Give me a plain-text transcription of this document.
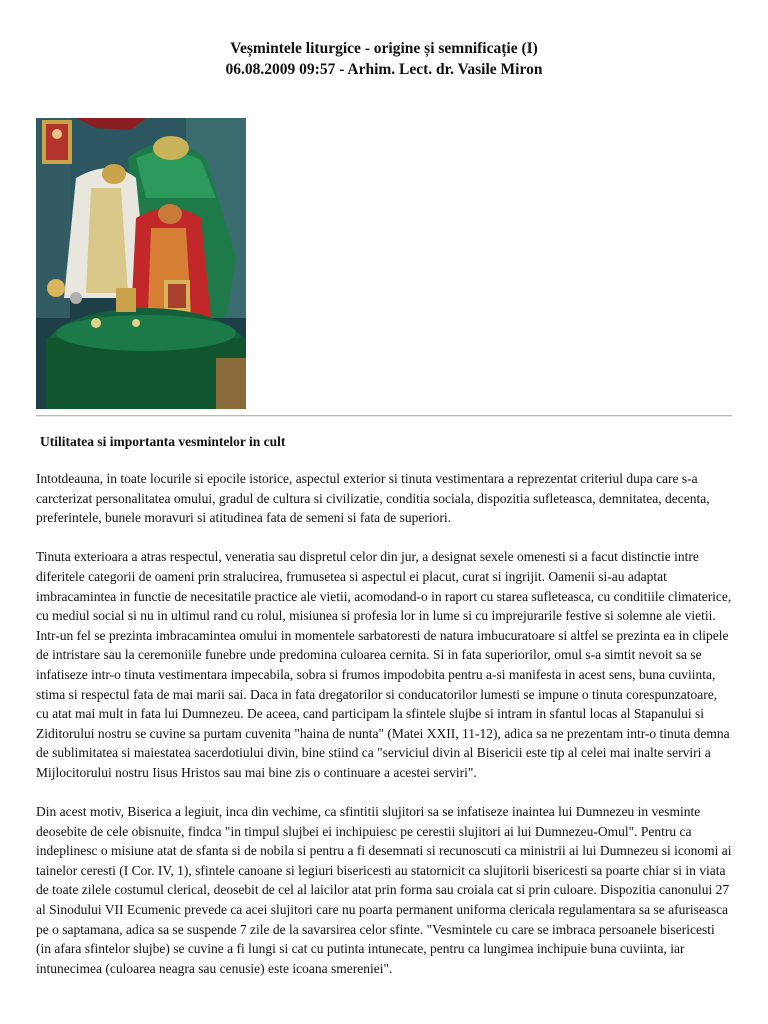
Veșmintele liturgice - origine și semnificație (I)
06.08.2009 09:57 - Arhim. Lect. dr. Vasile Miron
Utilitatea si importanta vesmintelor in cult

Intotdeauna, in toate locurile si epocile istorice, aspectul exterior si tinuta vestimentara a reprezentat criteriul dupa care s-a carcterizat personalitatea omului, gradul de cultura si civilizatie, conditia sociala, dispozitia sufleteasca, demnitatea, decenta, preferintele, bunele moravuri si atitudinea fata de semeni si fata de superiori.

Tinuta exterioara a atras respectul, veneratia sau dispretul celor din jur, a designat sexele omenesti si a facut distinctie intre diferitele categorii de oameni prin stralucirea, frumusetea si aspectul ei placut, curat si ingrijit. Oamenii si-au adaptat imbracamintea in functie de necesitatile practice ale vietii, acomodand-o in raport cu starea sufleteasca, cu conditiile climaterice, cu mediul social si nu in ultimul rand cu rolul, misiunea si profesia lor in lume si cu imprejurarile festive si solemne ale vietii. Intr-un fel se prezinta imbracamintea omului in momentele sarbatoresti de natura imbucuratoare si altfel se prezinta ea in clipele de intristare sau la ceremoniile funebre unde predomina culoarea cernita. Si in fata superiorilor, omul s-a simtit nevoit sa se infatiseze intr-o tinuta vestimentara impecabila, sobra si frumos impodobita pentru a-si manifesta in acest sens, buna cuviinta, stima si respectul fata de mai marii sai. Daca in fata dregatorilor si conducatorilor lumesti se impune o tinuta corespunzatoare, cu atat mai mult in fata lui Dumnezeu. De aceea, cand participam la sfintele slujbe si intram in sfantul locas al Stapanului si Ziditorului nostru se cuvine sa purtam cuvenita "haina de nunta" (Matei XXII, 11-12), adica sa ne prezentam intr-o tinuta demna de sublimitatea si maiestatea sacerdotiului divin, bine stiind ca "serviciul divin al Bisericii este tip al celei mai inalte serviri a Mijlocitorului nostru Iisus Hristos sau mai bine zis o continuare a acestei serviri".

Din acest motiv, Biserica a legiuit, inca din vechime, ca sfintitii slujitori sa se infatiseze inaintea lui Dumnezeu in vesminte deosebite de cele obisnuite, findca "in timpul slujbei ei inchipuiesc pe cerestii slujitori ai lui Dumnezeu-Omul". Pentru ca indeplinesc o misiune atat de sfanta si de nobila si pentru a fi desemnati si recunoscuti ca ministrii ai lui Dumnezeu si iconomi ai tainelor ceresti (I Cor. IV, 1), sfintele canoane si legiuri bisericesti au statornicit ca slujitorii bisericesti sa poarte chiar si in viata de toate zilele costumul clerical, deosebit de cel al laicilor atat prin forma sau croiala cat si prin culoare. Dispozitia canonului 27 al Sinodului VII Ecumenic prevede ca acei slujitori care nu poarta permanent uniforma clericala regulamentara sa se afuriseasca pe o saptamana, adica sa se suspende 7 zile de la savarsirea celor sfinte. "Vesmintele cu care se imbraca persoanele bisericesti (in afara sfintelor slujbe) se cuvine a fi lungi si cat cu putinta intunecate, pentru ca lungimea inchipuie buna cuviinta, iar intunecimea (culoarea neagra sau cenusie) este icoana smereniei".
